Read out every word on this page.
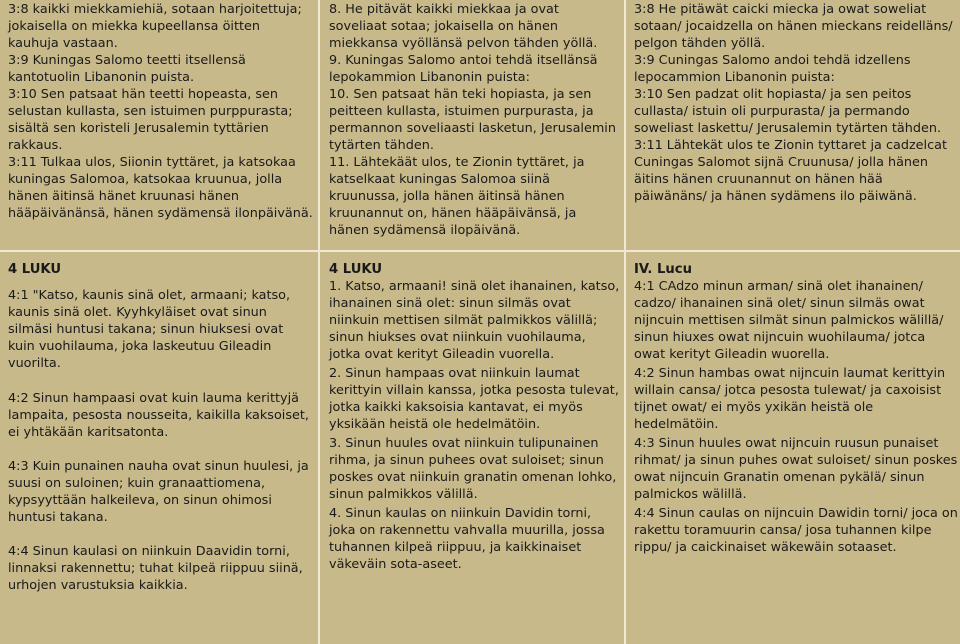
3:8 kaikki miekkamiehiä, sotaan harjoitettuja; jokaisella on miekka kupeellansa öitten kauhuja vastaan.

3:9 Kuningas Salomo teetti itsellensä kantotuolin Libanonin puista.

3:10 Sen patsaat hän teetti hopeasta, sen selustan kullasta, sen istuimen purppurasta; sisältä sen koristeli Jerusalemin tyttärien rakkaus.

3:11 Tulkaa ulos, Siionin tyttäret, ja katsokaa kuningas Salomoa, katsokaa kruunua, jolla hänen äitinsä hänet kruunasi hänen hääpäivänänsä, hänen sydämensä ilonpäivänä.

4 LUKU

4:1 "Katso, kaunis sinä olet, armaani; katso, kaunis sinä olet. Kyyhkyläiset ovat sinun silmäsi huntusi takana; sinun hiuksesi ovat kuin vuohilauma, joka laskeutuu Gileadin vuorilta.

4:2 Sinun hampaasi ovat kuin lauma kerittyjä lampaita, pesosta nousseita, kaikilla kaksoiset, ei yhtäkään karitsatonta.

4:3 Kuin punainen nauha ovat sinun huulesi, ja suusi on suloinen; kuin granaattiomena, kypsyyttään halkeileva, on sinun ohimosi huntusi takana.

4:4 Sinun kaulasi on niinkuin Daavidin torni, linnaksi rakennettu; tuhat kilpeä riippuu siinä, urhojen varustuksia kaikkia.

8. He pitävät kaikki miekkaa ja ovat soveliaat sotaa; jokaisella on hänen miekkansa vyöllänsä pelvon tähden yöllä.

9. Kuningas Salomo antoi tehdä itsellänsä lepokammion Libanonin puista:

10. Sen patsaat hän teki hopiasta, ja sen peitteen kullasta, istuimen purpurasta, ja permannon soveliaasti lasketun, Jerusalemin tytärten tähden.

11. Lähtekäät ulos, te Zionin tyttäret, ja katselkaat kuningas Salomoa siinä kruunussa, jolla hänen äitinsä hänen kruunannut on, hänen hääpäivänsä, ja hänen sydämensä ilopäivänä.

4 LUKU

1. Katso, armaani! sinä olet ihanainen, katso, ihanainen sinä olet: sinun silmäs ovat niinkuin mettisen silmät palmikkos välillä; sinun hiukses ovat niinkuin vuohilauma, jotka ovat kerityt Gileadin vuorella.

2. Sinun hampaas ovat niinkuin laumat kerittyin villain kanssa, jotka pesosta tulevat, jotka kaikki kaksoisia kantavat, ei myös yksikään heistä ole hedelmätöin.

3. Sinun huules ovat niinkuin tulipunainen rihma, ja sinun puhees ovat suloiset; sinun poskes ovat niinkuin granatin omenan lohko, sinun palmikkos välillä.

4. Sinun kaulas on niinkuin Davidin torni, joka on rakennettu vahvalla muurilla, jossa tuhannen kilpeä riippuu, ja kaikkinaiset väkeväin sota-aseet.

3:8 He pitäwät caicki miecka ja owat soweliat sotaan/ jocaidzella on hänen mieckans reidelläns/ pelgon tähden yöllä.

3:9 Cuningas Salomo andoi tehdä idzellens lepocammion Libanonin puista:

3:10 Sen padzat olit hopiasta/ ja sen peitos cullasta/ istuin oli purpurasta/ ja permando soweliast laskettu/ Jerusalemin tytärten tähden.

3:11 Lähtekät ulos te Zionin tyttaret ja cadzelcat Cuningas Salomot sijnä Cruunusa/ jolla hänen äitins hänen cruunannut on hänen hää päiwänäns/ ja hänen sydämens ilo päiwänä.

IV. Lucu

4:1 CAdzo minun arman/ sinä olet ihanainen/ cadzo/ ihanainen sinä olet/ sinun silmäs owat nijncuin mettisen silmät sinun palmickos wälillä/ sinun hiuxes owat nijncuin wuohilauma/ jotca owat kerityt Gileadin wuorella.

4:2 Sinun hambas owat nijncuin laumat kerittyin willain cansa/ jotca pesosta tulewat/ ja caxoisist tijnet owat/ ei myös yxikän heistä ole hedelmätöin.

4:3 Sinun huules owat nijncuin ruusun punaiset rihmat/ ja sinun puhes owat suloiset/ sinun poskes owat nijncuin Granatin omenan pykälä/ sinun palmickos wälillä.

4:4 Sinun caulas on nijncuin Dawidin torni/ joca on rakettu toramuurin cansa/ josa tuhannen kilpe rippu/ ja caickinaiset wäkewäin sotaaset.
